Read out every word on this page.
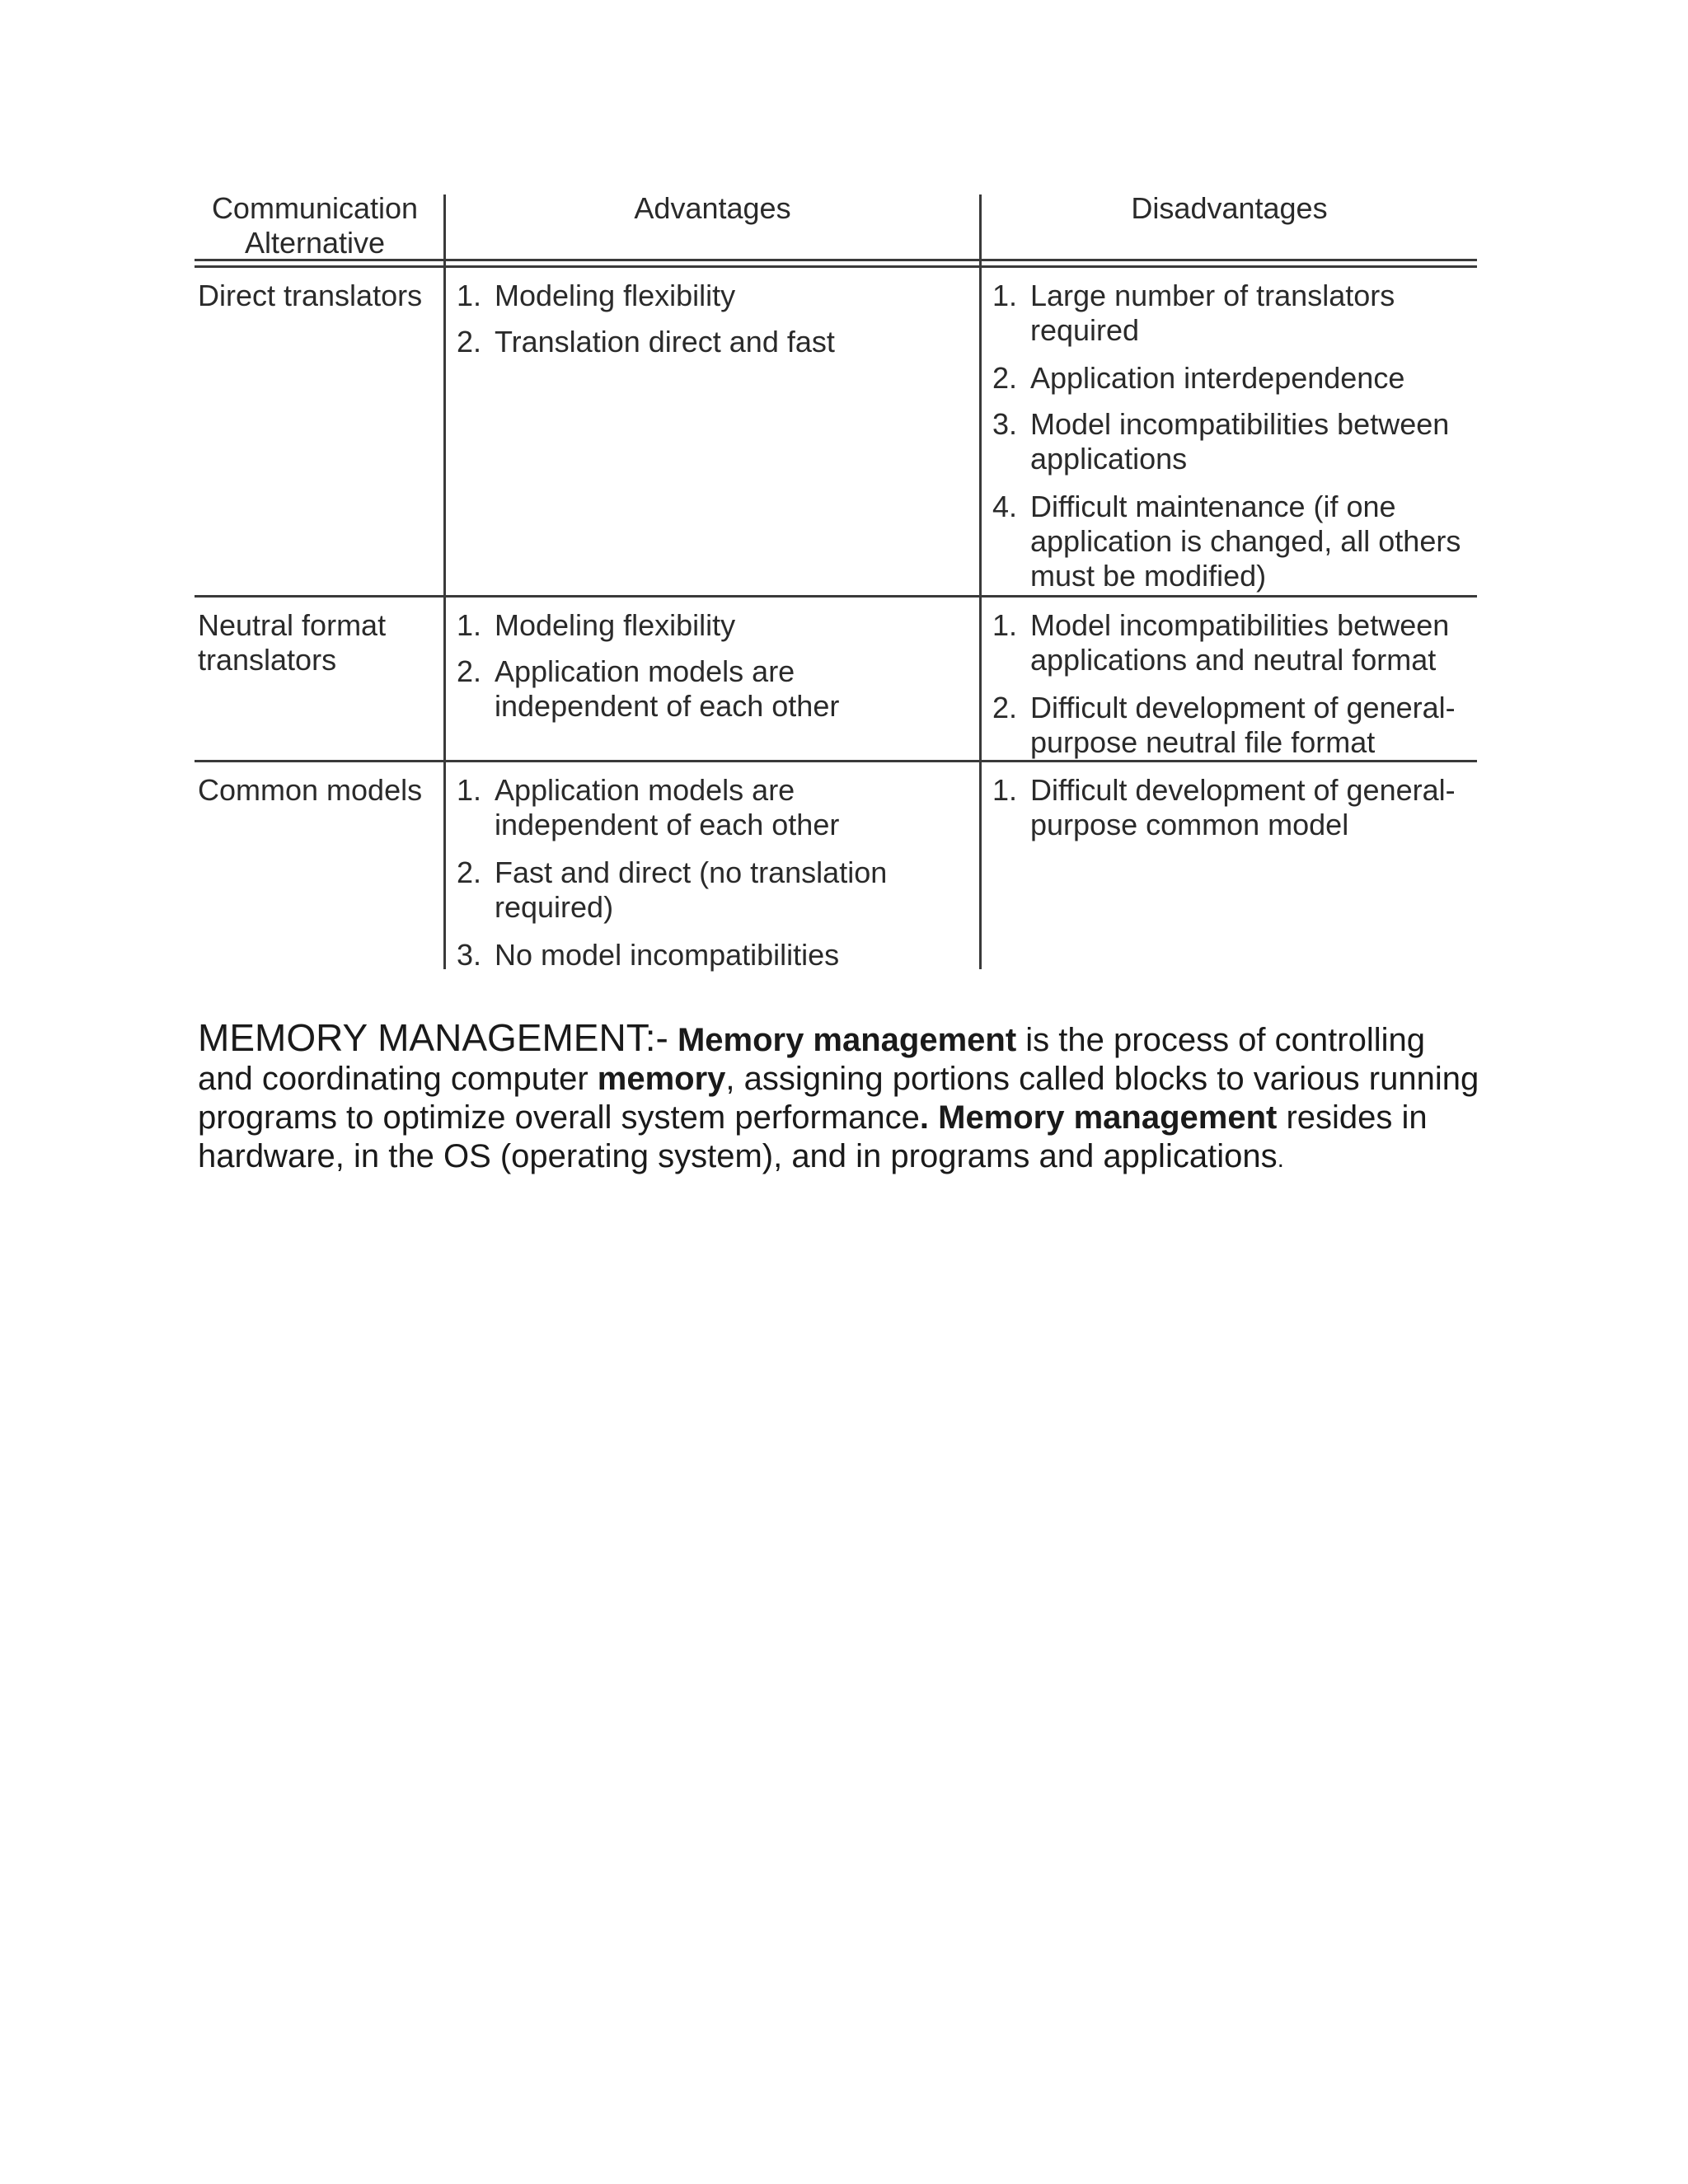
Communication
Alternative
Advantages	Disadvantages
Direct translators 1. Modeling flexibility
2. Translation direct and fast
1. Large number of translators
required
2. Application interdependence
3. Model incompatibilities between
applications
4. Difficult maintenance (if one
application is changed, all others
must be modified)
Neutral format
translators
1. Modeling flexibility
2. Application models are
independent of each other
1. Model incompatibilities between
applications and neutral format
2. Difficult development of general-
purpose neutral file format
Common models 1. Application models are
independent of each other
2. Fast and direct (no translation
required)
3. No model incompatibilities
1. Difficult development of general-
purpose common model
MEMORY MANAGEMENT:- Memory management is the process of controlling
and coordinating computer memory, assigning portions called blocks to various running
programs to optimize overall system performance. Memory management resides in
hardware, in the OS (operating system), and in programs and applications.
